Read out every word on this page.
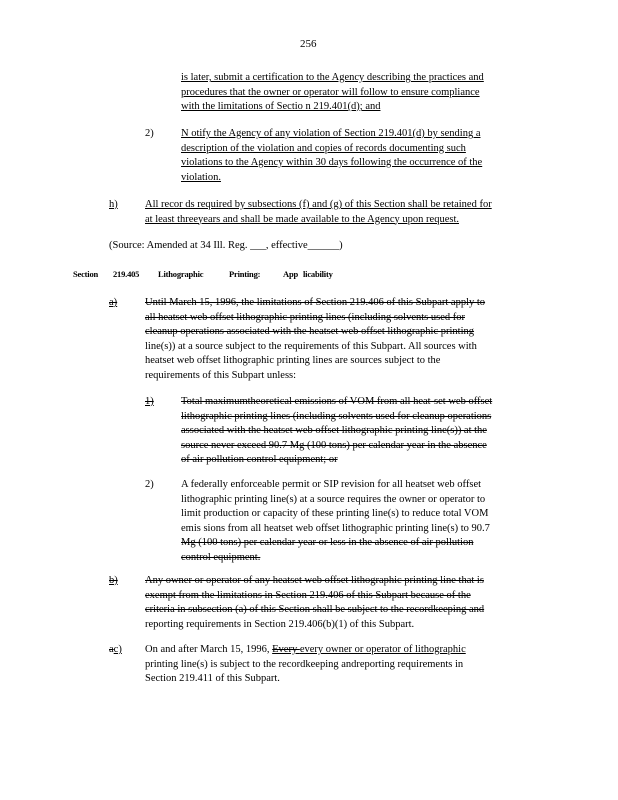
256
is later, submit a certification to the Agency describing the practices and
procedures that the owner or operator will follow to ensure compliance
with the limitations of Sectio n 219.401(d); and
2)	N otify the Agency of any violation of Section 219.401(d) by sending a
description of the violation and copies of records documenting such
violations to the Agency within 30 days following the occurrence of the
violation.
h)	All recor ds required by subsections (f) and (g) of this Section shall be retained for
at least threeyears and shall be made available to the Agency upon request.
(Source: Amended at 34 Ill. Reg. ___, effective______)
Section 219.405 Lithographic	Printing:	App licability
a)	Until March 15, 1996, the limitations of Section 219.406 of this Subpart apply to
all heatset web offset lithographic printing lines (including solvents used for
cleanup operations associated with the heatset web offset lithographic printing
line(s)) at a source subject to the requirements of this Subpart. All sources with
heatset web offset lithographic printing lines are sources subject to the
requirements of this Subpart unless:
1)	Total maximumtheoretical emissions of VOM from all heat-set web offset
lithographic printing lines (including solvents used for cleanup operations
associated with the heatset web offset lithographic printing line(s)) at the
source never exceed 90.7 Mg (100 tons) per calendar year in the absence
of air pollution control equipment; or
2)	A federally enforceable permit or SIP revision for all heatset web offset
lithographic printing line(s) at a source requires the owner or operator to
limit production or capacity of these printing line(s) to reduce total VOM
emis sions from all heatset web offset lithographic printing line(s) to 90.7
Mg (100 tons) per calendar year or less in the absence of air pollution
control equipment.
b)	Any owner or operator of any heatset web offset lithographic printing line that is
exempt from the limitations in Section 219.406 of this Subpart because of the
criteria in subsection (a) of this Section shall be subject to the recordkeeping and
reporting requirements in Section 219.406(b)(1) of this Subpart.
ac) On and after March 15, 1996, Every every owner or operator of lithographic
printing line(s) is subject to the recordkeeping andreporting requirements in
Section 219.411 of this Subpart.
